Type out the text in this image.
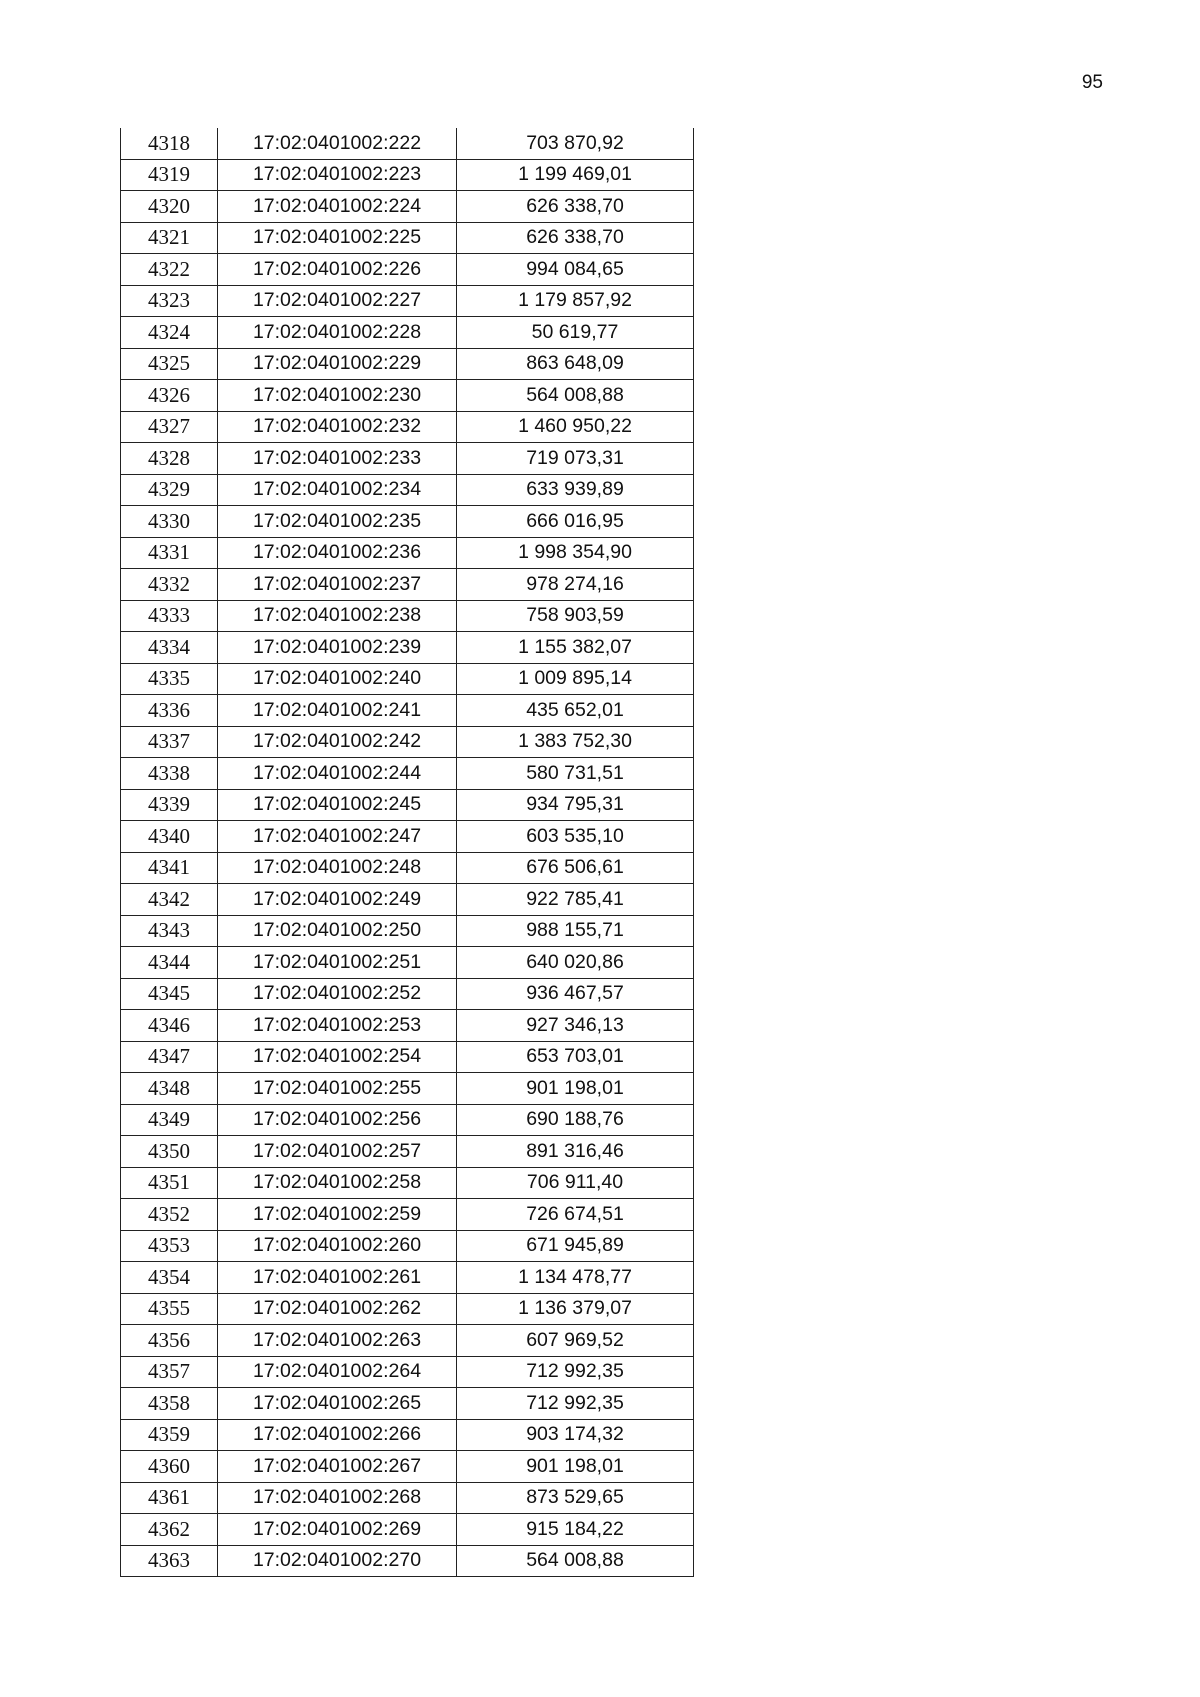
95
4318	17:02:0401002:222	703 870,92
4319	17:02:0401002:223	1 199 469,01
4320	17:02:0401002:224	626 338,70
4321	17:02:0401002:225	626 338,70
4322	17:02:0401002:226	994 084,65
4323	17:02:0401002:227	1 179 857,92
4324	17:02:0401002:228	50 619,77
4325	17:02:0401002:229	863 648,09
4326	17:02:0401002:230	564 008,88
4327	17:02:0401002:232	1 460 950,22
4328	17:02:0401002:233	719 073,31
4329	17:02:0401002:234	633 939,89
4330	17:02:0401002:235	666 016,95
4331	17:02:0401002:236	1 998 354,90
4332	17:02:0401002:237	978 274,16
4333	17:02:0401002:238	758 903,59
4334	17:02:0401002:239	1 155 382,07
4335	17:02:0401002:240	1 009 895,14
4336	17:02:0401002:241	435 652,01
4337	17:02:0401002:242	1 383 752,30
4338	17:02:0401002:244	580 731,51
4339	17:02:0401002:245	934 795,31
4340	17:02:0401002:247	603 535,10
4341	17:02:0401002:248	676 506,61
4342	17:02:0401002:249	922 785,41
4343	17:02:0401002:250	988 155,71
4344	17:02:0401002:251	640 020,86
4345	17:02:0401002:252	936 467,57
4346	17:02:0401002:253	927 346,13
4347	17:02:0401002:254	653 703,01
4348	17:02:0401002:255	901 198,01
4349	17:02:0401002:256	690 188,76
4350	17:02:0401002:257	891 316,46
4351	17:02:0401002:258	706 911,40
4352	17:02:0401002:259	726 674,51
4353	17:02:0401002:260	671 945,89
4354	17:02:0401002:261	1 134 478,77
4355	17:02:0401002:262	1 136 379,07
4356	17:02:0401002:263	607 969,52
4357	17:02:0401002:264	712 992,35
4358	17:02:0401002:265	712 992,35
4359	17:02:0401002:266	903 174,32
4360	17:02:0401002:267	901 198,01
4361	17:02:0401002:268	873 529,65
4362	17:02:0401002:269	915 184,22
4363	17:02:0401002:270	564 008,88
